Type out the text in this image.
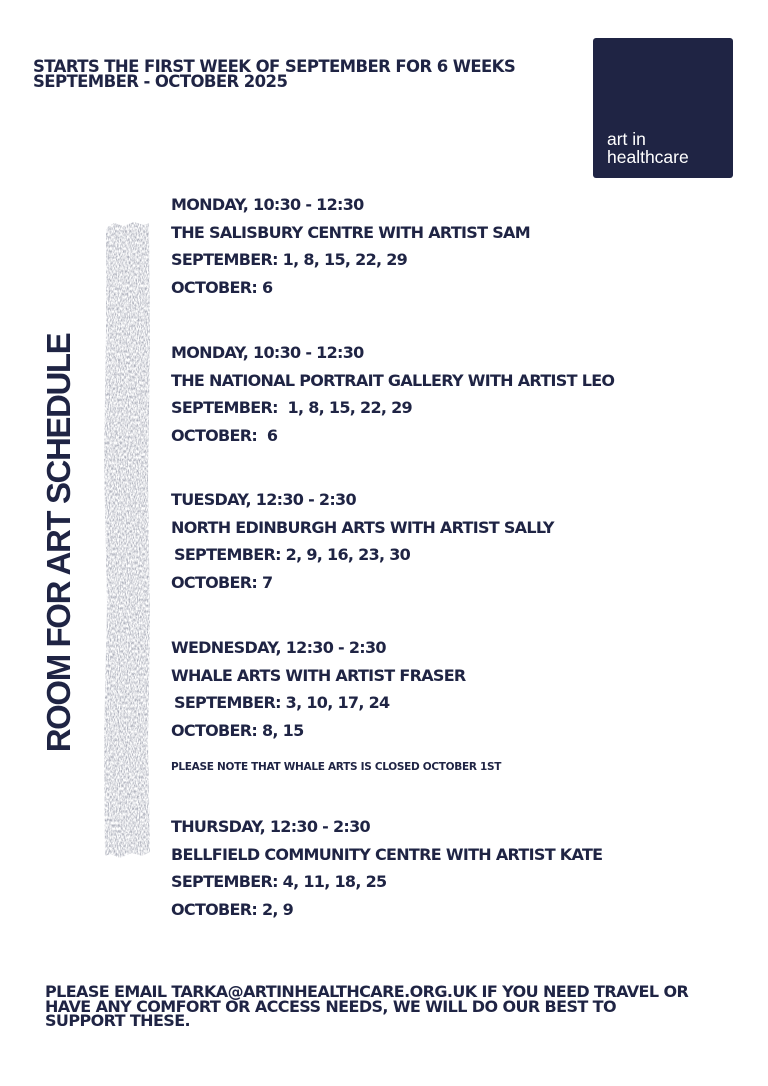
STARTS THE FIRST WEEK OF SEPTEMBER FOR 6 WEEKS
SEPTEMBER - OCTOBER 2025
art in
healthcare
ROOM FOR ART SCHEDULE
MONDAY, 10:30 - 12:30
THE SALISBURY CENTRE WITH ARTIST SAM
SEPTEMBER: 1, 8, 15, 22, 29
OCTOBER: 6
MONDAY, 10:30 - 12:30
THE NATIONAL PORTRAIT GALLERY WITH ARTIST LEO
SEPTEMBER:  1, 8, 15, 22, 29
OCTOBER:  6
TUESDAY, 12:30 - 2:30
NORTH EDINBURGH ARTS WITH ARTIST SALLY
SEPTEMBER: 2, 9, 16, 23, 30
OCTOBER: 7
WEDNESDAY, 12:30 - 2:30
WHALE ARTS WITH ARTIST FRASER
SEPTEMBER: 3, 10, 17, 24
OCTOBER: 8, 15
PLEASE NOTE THAT WHALE ARTS IS CLOSED OCTOBER 1ST
THURSDAY, 12:30 - 2:30
BELLFIELD COMMUNITY CENTRE WITH ARTIST KATE
SEPTEMBER: 4, 11, 18, 25
OCTOBER: 2, 9
PLEASE EMAIL TARKA@ARTINHEALTHCARE.ORG.UK IF YOU NEED TRAVEL OR
HAVE ANY COMFORT OR ACCESS NEEDS, WE WILL DO OUR BEST TO
SUPPORT THESE.
